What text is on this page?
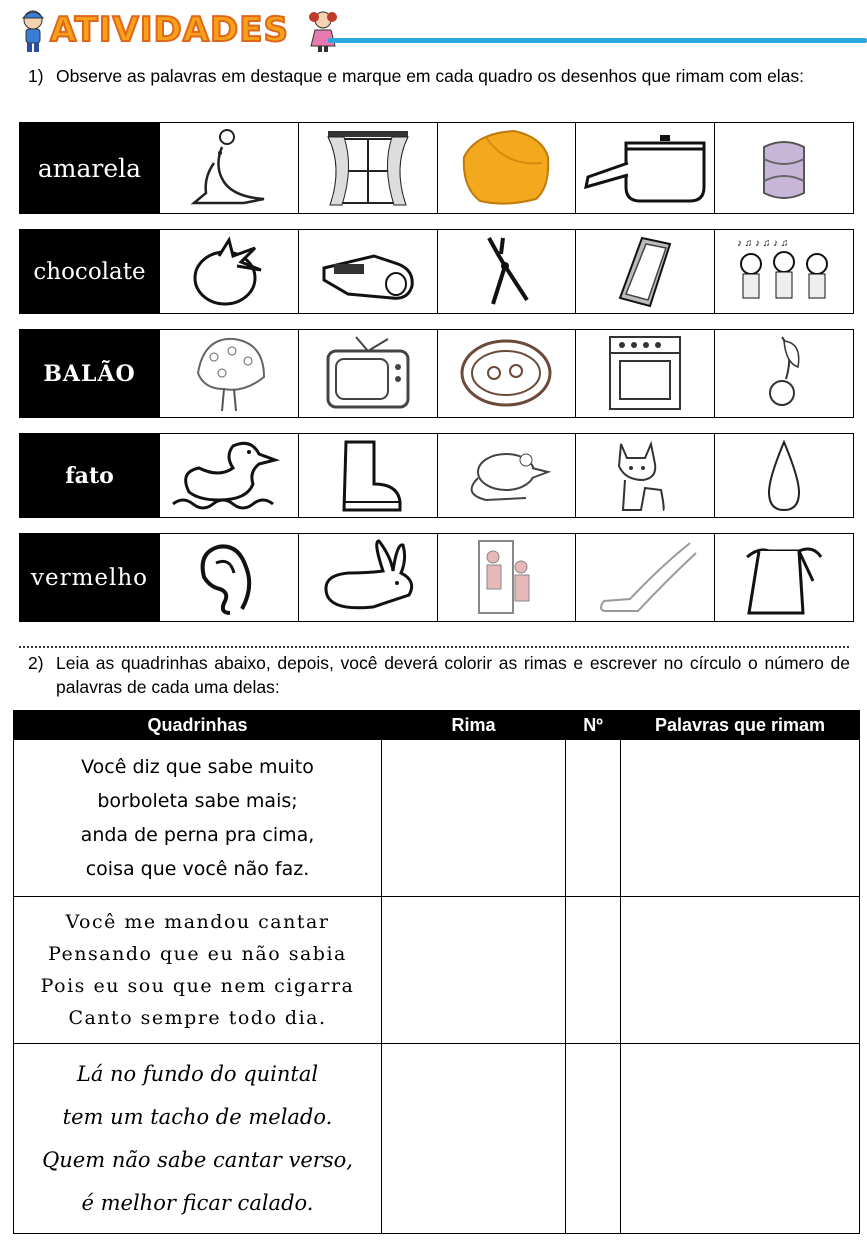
ATIVIDADES
1) Observe as palavras em destaque e marque em cada quadro os desenhos que rimam com elas:
amarela
chocolate
♪ ♫ ♪ ♫ ♪ ♫
BALÃO
fato
vermelho
2) Leia as quadrinhas abaixo, depois, você deverá colorir as rimas e escrever no círculo o número de palavras de cada uma delas:
Quadrinhas	Rima	Nº	Palavras que rimam

Você diz que sabe muito
borboleta sabe mais;
anda de perna pra cima,
coisa que você não faz.			

Você me mandou cantar
Pensando que eu não sabia
Pois eu sou que nem cigarra
Canto sempre todo dia.			

Lá no fundo do quintal
tem um tacho de melado.
Quem não sabe cantar verso,
é melhor ficar calado.			
